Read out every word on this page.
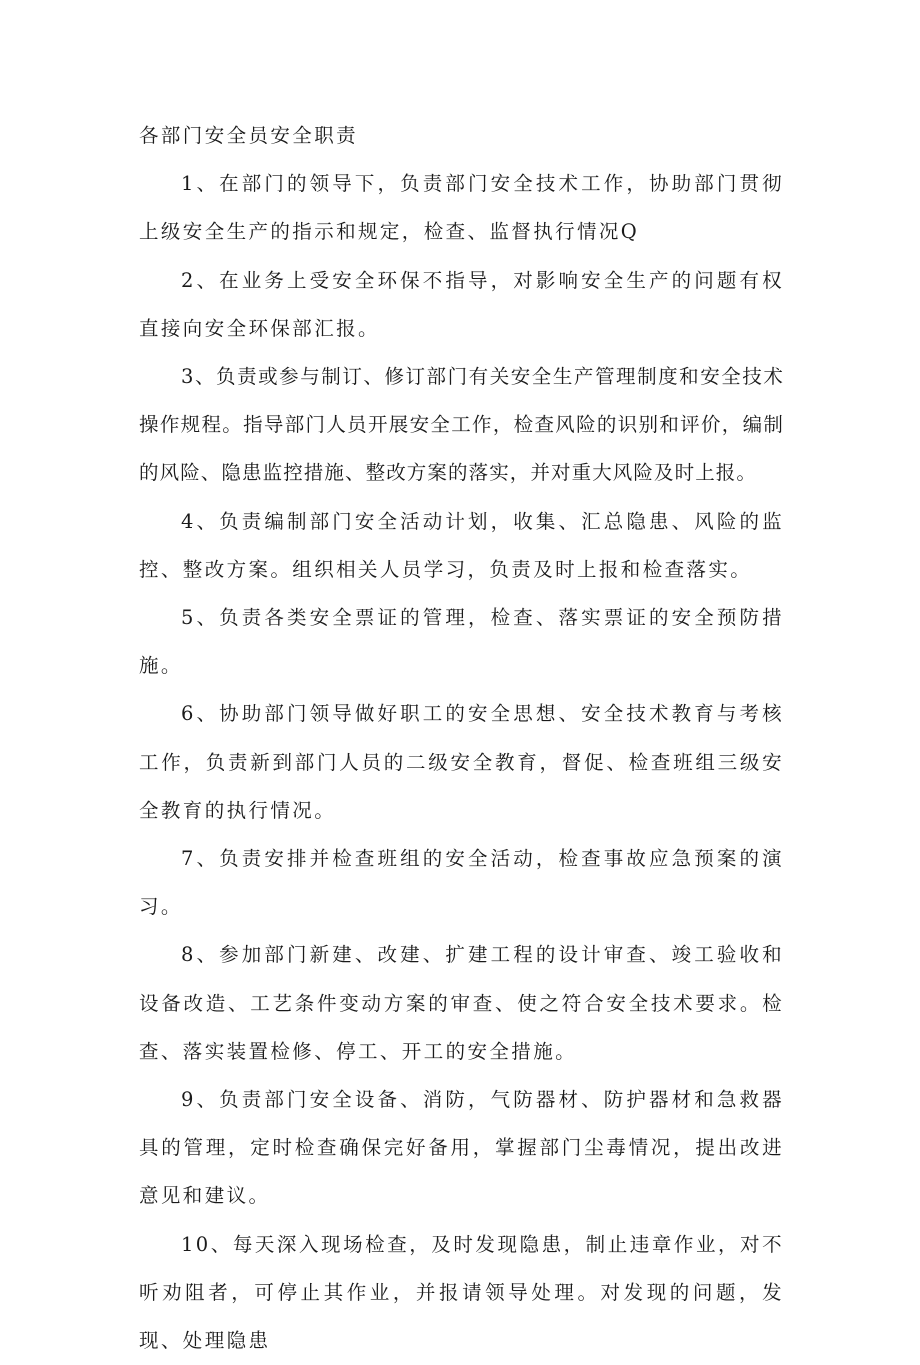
各部门安全员安全职责

1、在部门的领导下，负责部门安全技术工作，协助部门贯彻上级安全生产的指示和规定，检查、监督执行情况Q

2、在业务上受安全环保不指导，对影响安全生产的问题有权直接向安全环保部汇报。

3、负责或参与制订、修订部门有关安全生产管理制度和安全技术操作规程。指导部门人员开展安全工作，检查风险的识别和评价，编制的风险、隐患监控措施、整改方案的落实，并对重大风险及时上报。

4、负责编制部门安全活动计划，收集、汇总隐患、风险的监控、整改方案。组织相关人员学习，负责及时上报和检查落实。

5、负责各类安全票证的管理，检查、落实票证的安全预防措施。

6、协助部门领导做好职工的安全思想、安全技术教育与考核工作，负责新到部门人员的二级安全教育，督促、检查班组三级安全教育的执行情况。

7、负责安排并检查班组的安全活动，检查事故应急预案的演习。

8、参加部门新建、改建、扩建工程的设计审查、竣工验收和设备改造、工艺条件变动方案的审查、使之符合安全技术要求。检查、落实装置检修、停工、开工的安全措施。

9、负责部门安全设备、消防，气防器材、防护器材和急救器具的管理，定时检查确保完好备用，掌握部门尘毒情况，提出改进意见和建议。

10、每天深入现场检查，及时发现隐患，制止违章作业，对不听劝阻者，可停止其作业，并报请领导处理。对发现的问题，发现、处理隐患
